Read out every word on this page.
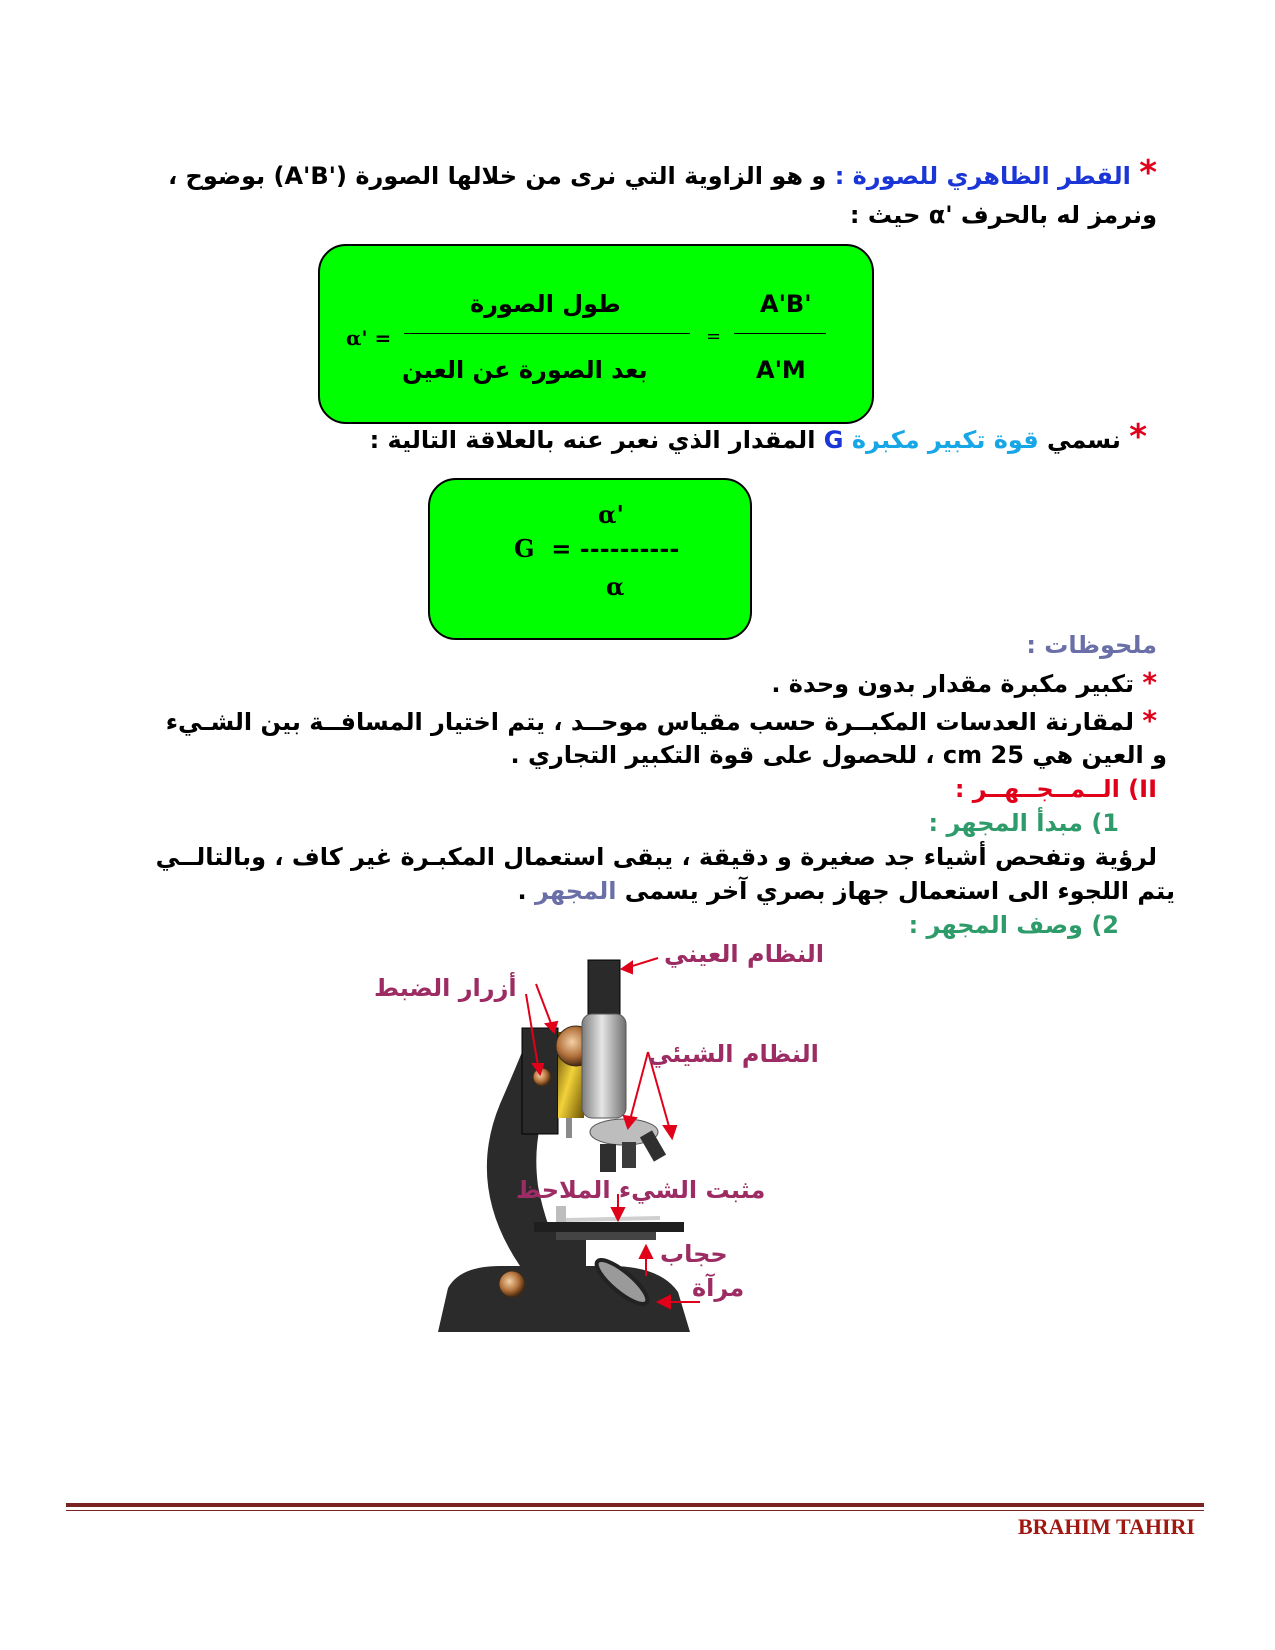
* القطر الظاهري للصورة : و هو الزاوية التي نرى من خلالها الصورة ('A'B) بوضوح ،
ونرمز له بالحرف 'α حيث :
α' =
طول الصورة
بعد الصورة عن العين
=
A'B'
A'M
* نسمي قوة تكبير مكبرة G المقدار الذي نعبر عنه بالعلاقة التالية :
α'
G  = ----------
α
ملحوظات :
* تكبير مكبرة مقدار بدون وحدة .
* لمقارنة العدسات المكبــرة حسب مقياس موحــد ، يتم اختيار المسافــة بين الشـيء
و العين هي 25 cm ، للحصول على قوة التكبير التجاري .
II) الــمــجــهــر :
1) مبدأ المجهر :
لرؤية وتفحص أشياء جد صغيرة و دقيقة ، يبقى استعمال المكبـرة غير كاف ، وبالتالــي
يتم اللجوء الى استعمال جهاز بصري آخر يسمى المجهر .
2) وصف المجهر :
النظام العيني
أزرار الضبط
النظام الشيئي
مثبت الشيء الملاحظ
حجاب
مرآة
BRAHIM TAHIRI
